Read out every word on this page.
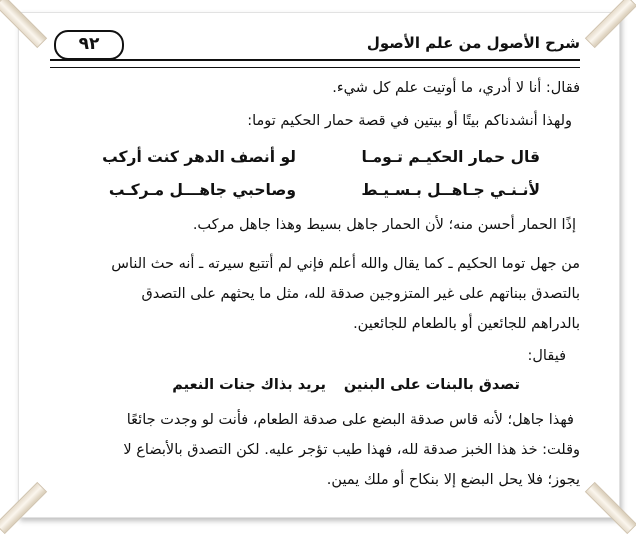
شرح الأصول من علم الأصول
٩٢
فقال: أنا لا أدري، ما أوتيت علم كل شيء.
ولهذا أنشدناكم بيتًا أو بيتين في قصة حمار الحكيم توما:
قال حمار الحكيـم تـومـا
لو أنصف الدهر كنت أركب
لأنـنـي جـاهــل بـسـيـط
وصاحبي جاهـــل مـركـب
إذًا الحمار أحسن منه؛ لأن الحمار جاهل بسيط وهذا جاهل مركب.
من جهل توما الحكيم ـ كما يقال والله أعلم فإني لم أتتبع سيرته ـ أنه حث الناس
بالتصدق ببناتهم على غير المتزوجين صدقة لله، مثل ما يحثهم على التصدق
بالدراهم للجائعين أو بالطعام للجائعين.
فيقال:
تصدق بالبنات على البنين
يريد بذاك جنات النعيم
فهذا جاهل؛ لأنه قاس صدقة البضع على صدقة الطعام، فأنت لو وجدت جائعًا
وقلت: خذ هذا الخبز صدقة لله، فهذا طيب تؤجر عليه. لكن التصدق بالأبضاع لا
يجوز؛ فلا يحل البضع إلا بنكاح أو ملك يمين.
